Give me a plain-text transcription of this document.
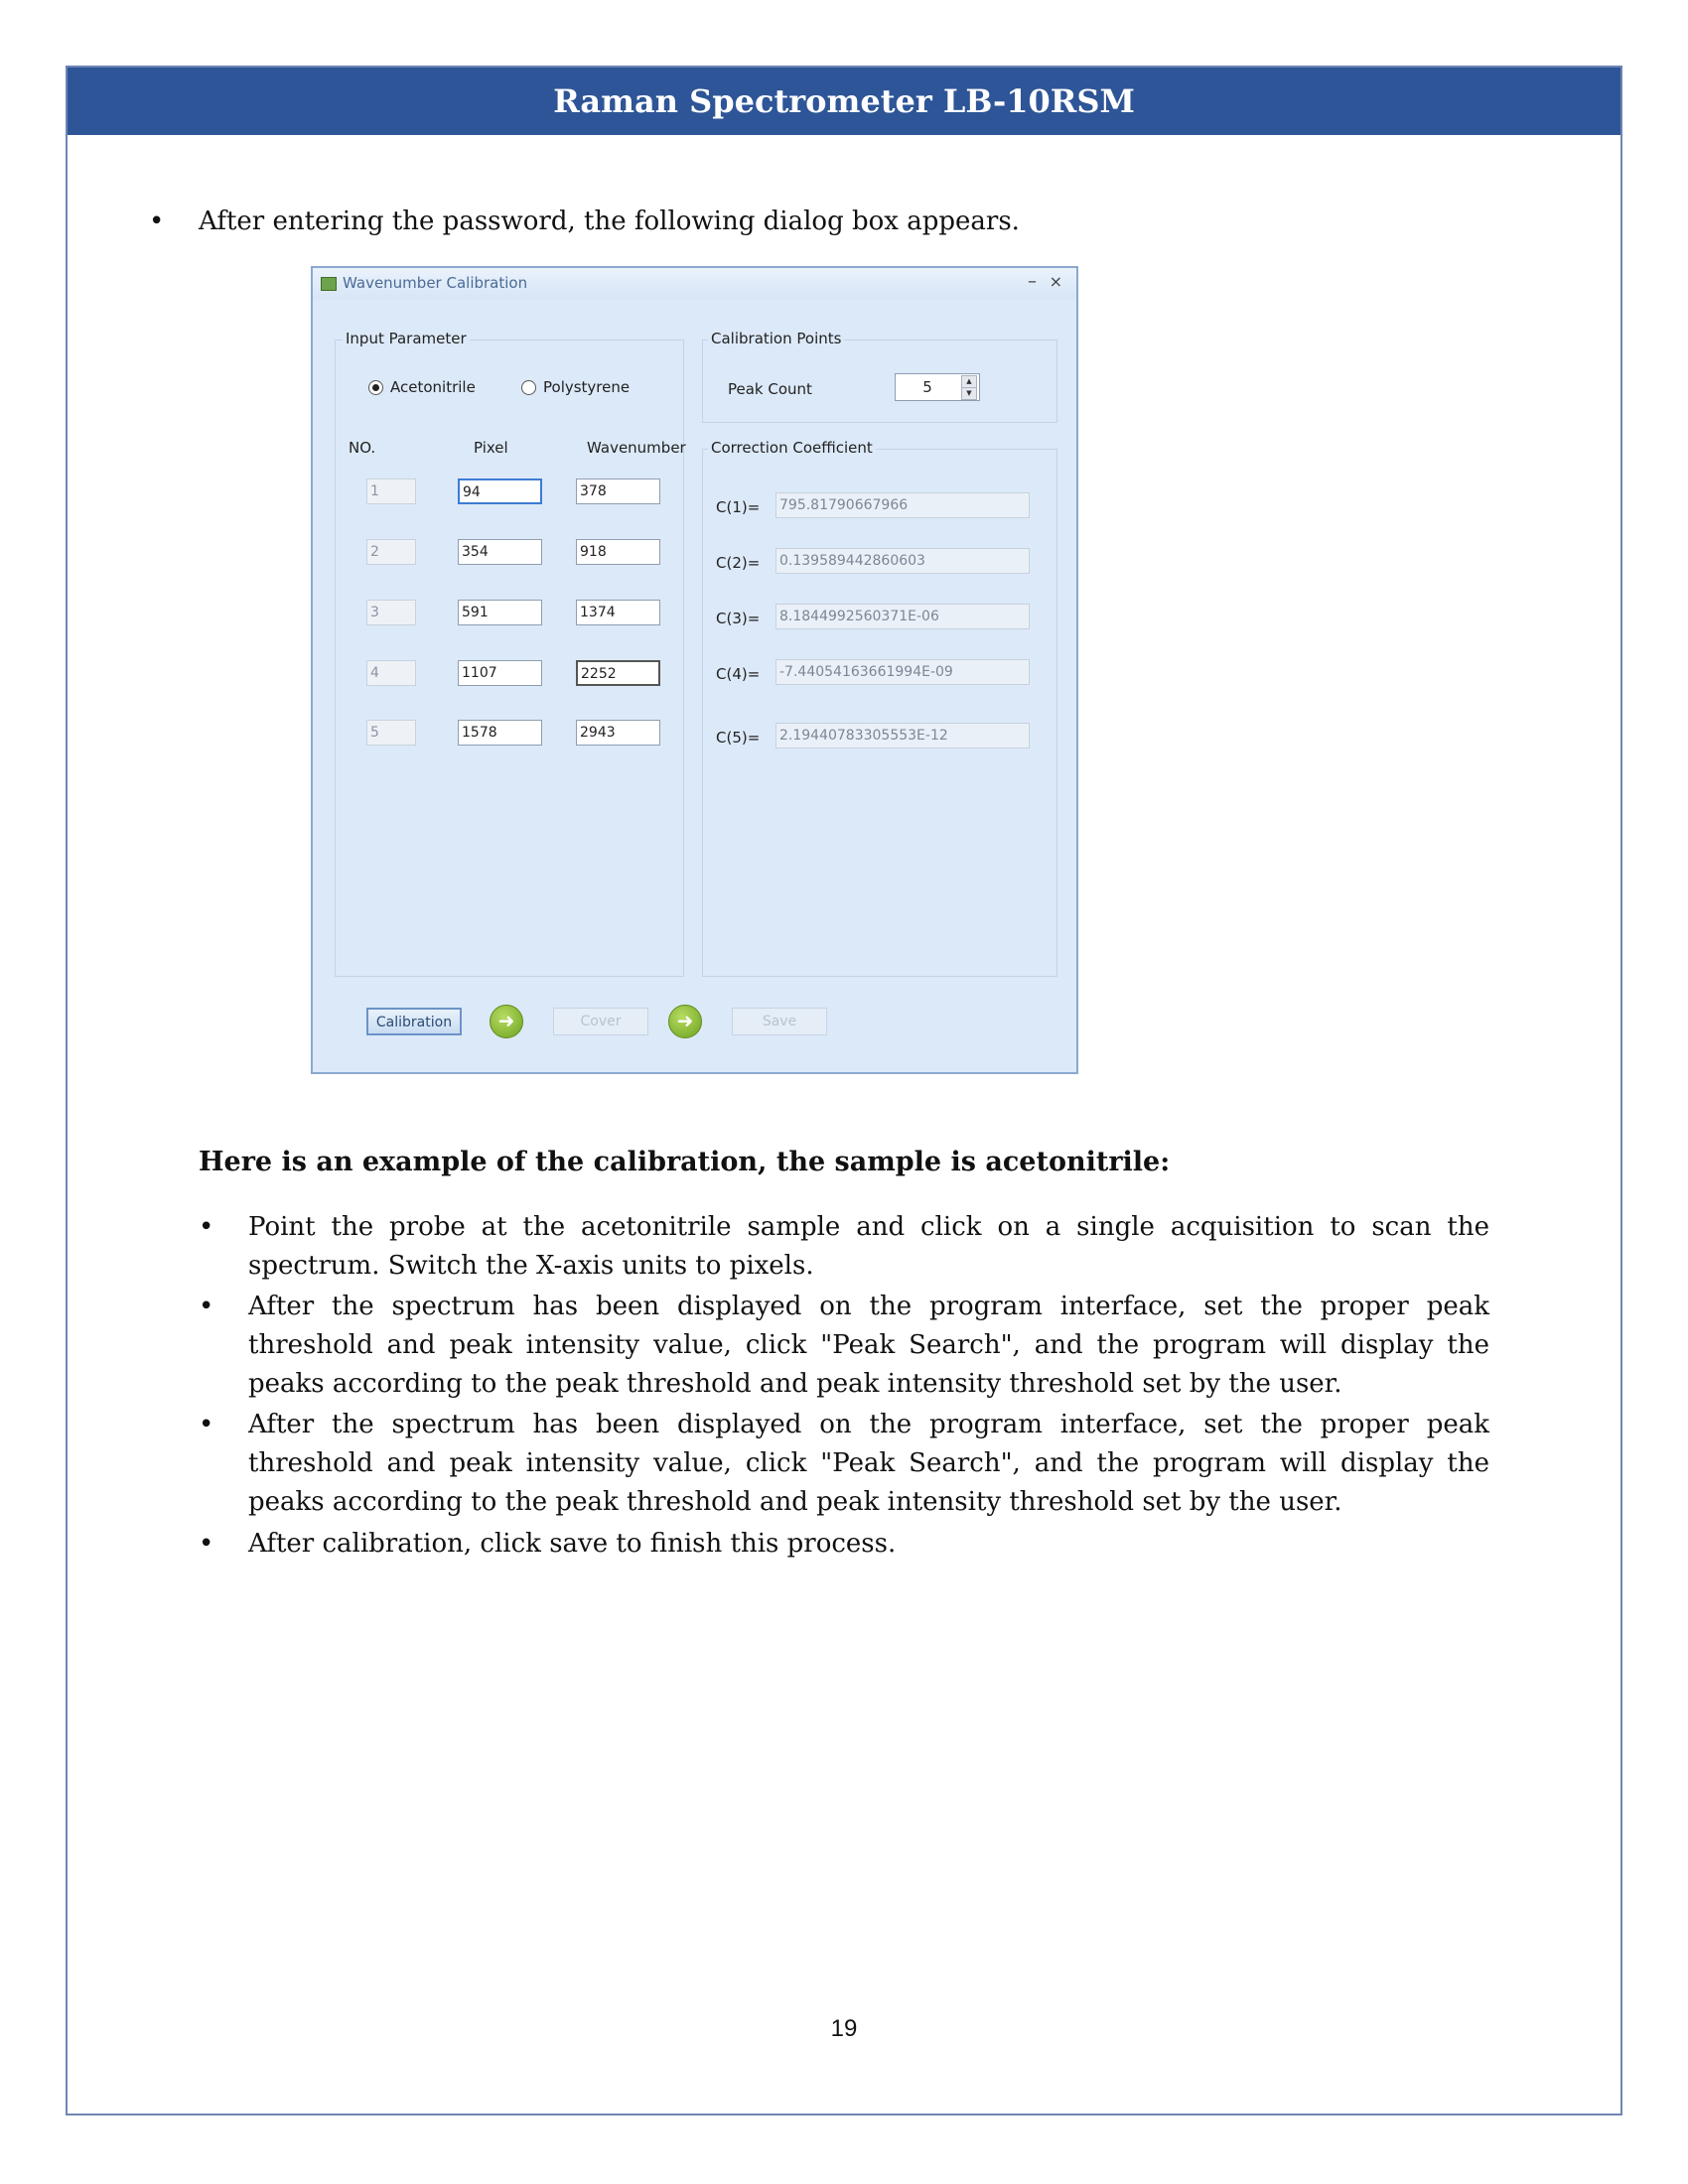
Raman Spectrometer LB-10RSM
• After entering the password, the following dialog box appears.
Wavenumber Calibration	– ×
Input Parameter
Acetonitrile	Polystyrene
NO.	Pixel	Wavenumber
1	94	378
2	354	918
3	591	1374
4	1107	2252
5	1578	2943
Calibration Points
Peak Count	5	▲
▼
Correction Coefficient
C(1)= 795.81790667966
C(2)= 0.139589442860603
C(3)= 8.1844992560371E-06
C(4)= -7.44054163661994E-09
C(5)= 2.19440783305553E-12
Calibration	➜	Cover	➜	Save
Here is an example of the calibration, the sample is acetonitrile:
• Point the probe at the acetonitrile sample and click on a single acquisition to scan the spectrum. Switch the X-axis units to pixels.
• After the spectrum has been displayed on the program interface, set the proper peak threshold and peak intensity value, click "Peak Search", and the program will display the peaks according to the peak threshold and peak intensity threshold set by the user.
• After the spectrum has been displayed on the program interface, set the proper peak threshold and peak intensity value, click "Peak Search", and the program will display the peaks according to the peak threshold and peak intensity threshold set by the user.
• After calibration, click save to finish this process.
19
